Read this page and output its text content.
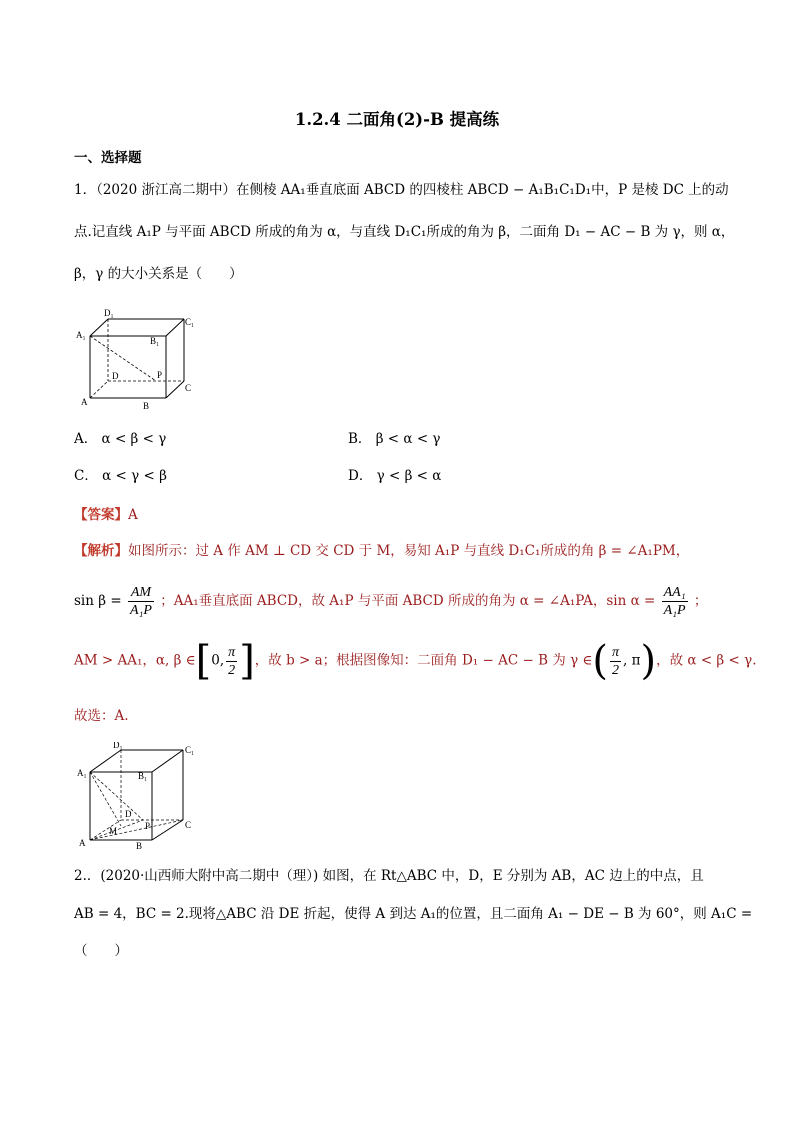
1.2.4 二面角(2)-B 提高练
一、选择题
1．（2020 浙江高二期中）在侧棱 AA₁垂直底面 ABCD 的四棱柱 ABCD − A₁B₁C₁D₁中，P 是棱 DC 上的动
点.记直线 A₁P 与平面 ABCD 所成的角为 α，与直线 D₁C₁所成的角为 β，二面角 D₁ − AC − B 为 γ，则 α，
β，γ 的大小关系是（　　）
D₁
C₁
A₁
B₁
D	P
C
A	B
A． α < β < γ	B． β < α < γ
C． α < γ < β	D． γ < β < α
【答案】A
【解析】如图所示：过 A 作 AM ⊥ CD 交 CD 于 M，易知 A₁P 与直线 D₁C₁所成的角 β = ∠A₁PM，
$\sin \beta = \frac{AM}{\text{A₁P}}$ ；AA₁垂直底面 ABCD，故 A₁P 与平面 ABCD 所成的角为 α = ∠A₁PA，$\sin \alpha = \frac{\text{AA₁}}{\text{A₁P}}$ ；
AM > AA₁，α, β ∈[0, $\frac{\pi}{2}$ ]，故 b > a；根据图像知：二面角 D₁ − AC − B 为 γ ∈( $\frac{\pi}{2}$ , π)，故 α < β < γ.
故选：A.
D₁	C₁
A₁	B₁
M
D
P	C
A	B
2.．(2020·山西师大附中高二期中（理）) 如图，在 Rt△ABC 中，D，E 分别为 AB，AC 边上的中点，且
AB = 4，BC = 2.现将△ABC 沿 DE 折起，使得 A 到达 A₁的位置，且二面角 A₁ − DE − B 为 60°，则 A₁C =
（　　）
